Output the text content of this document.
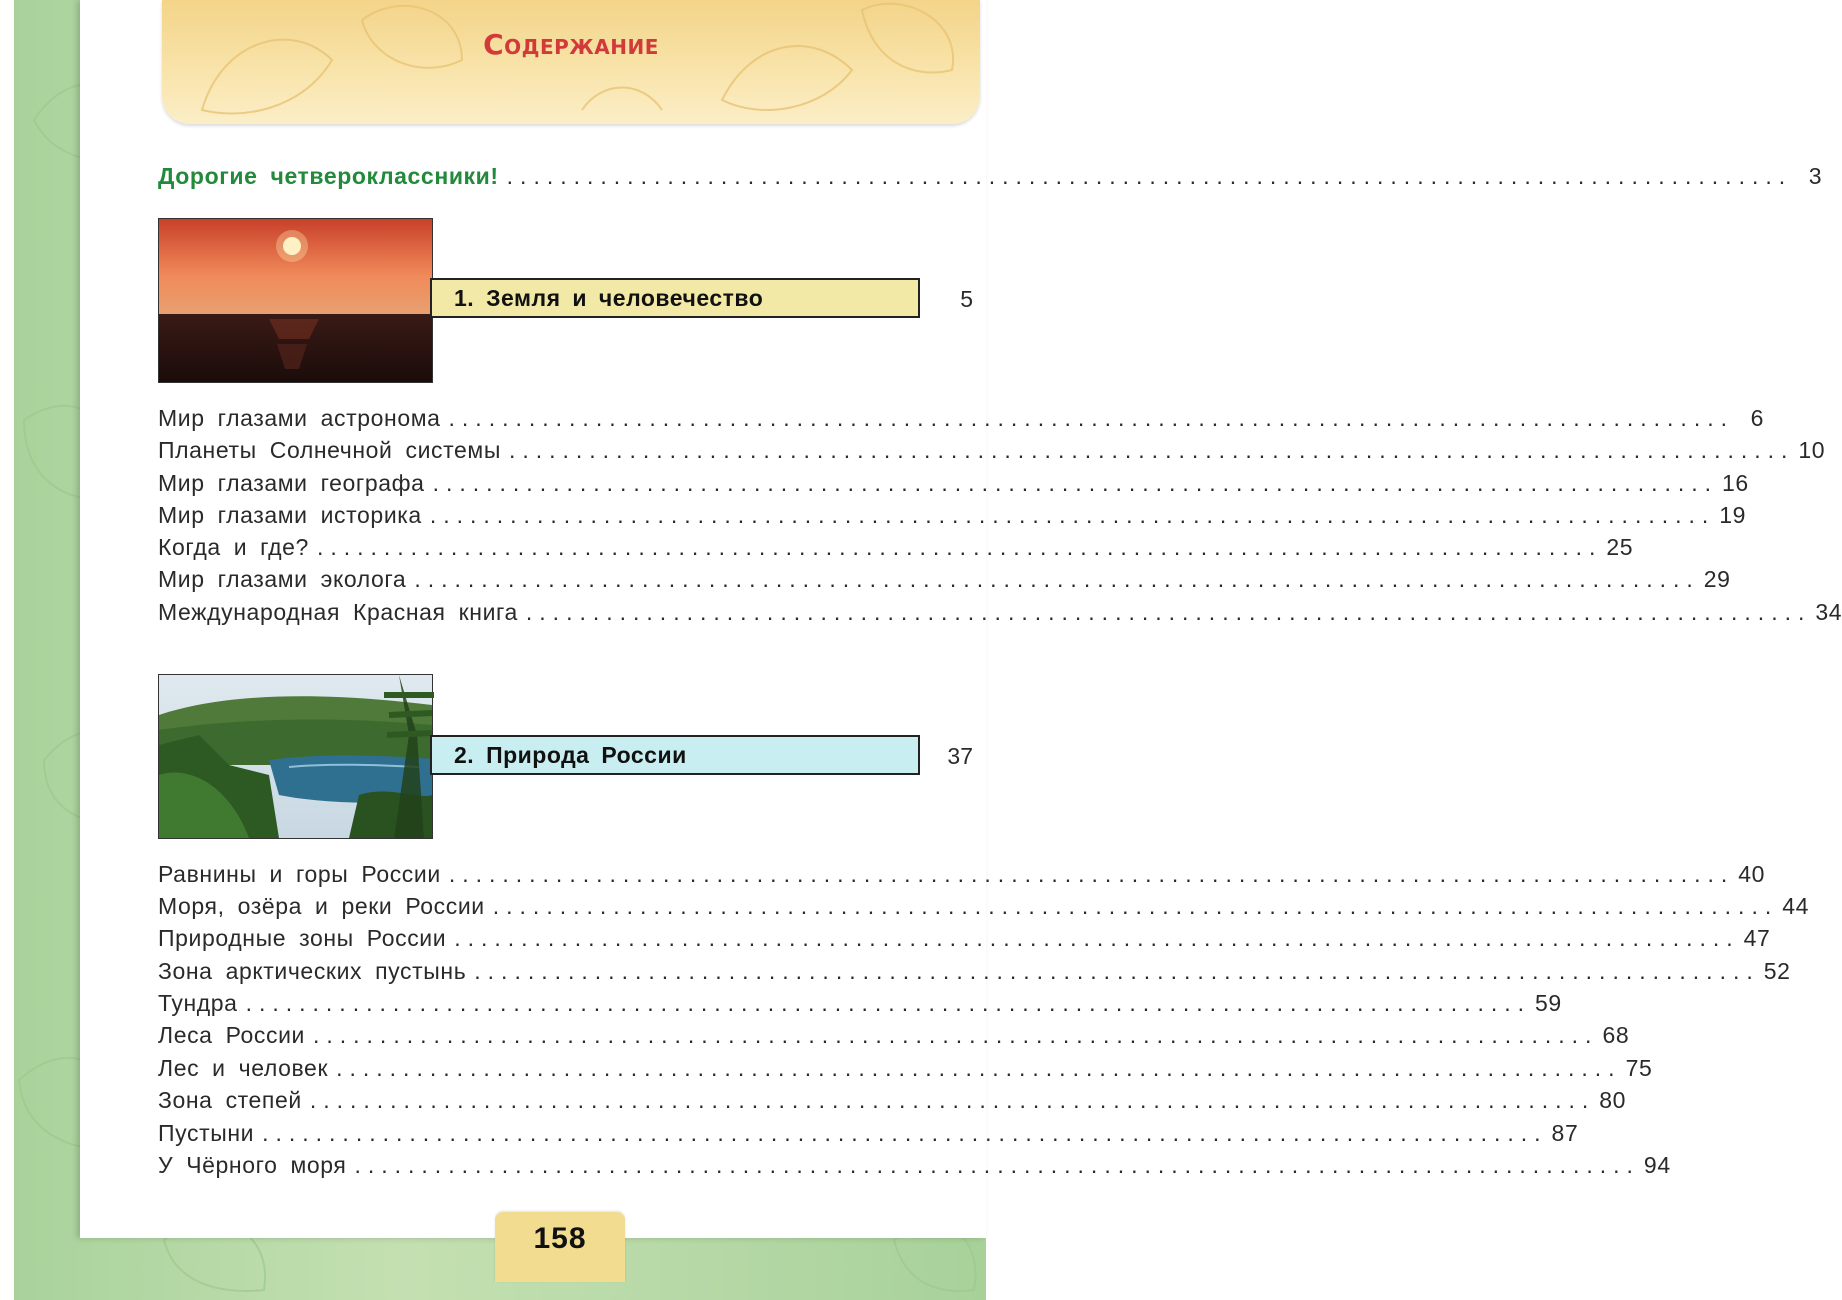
Содержание
Дорогие четвероклассники! ................................................................................................ 3
1. Земля и человечество	5
Мир глазами астронома ................................................................................................ 6
Планеты Солнечной системы ................................................................................................ 10
Мир глазами географа ................................................................................................ 16
Мир глазами историка ................................................................................................ 19
Когда и где? ................................................................................................ 25
Мир глазами эколога ................................................................................................ 29
Международная Красная книга ................................................................................................ 34
2. Природа России	37
Равнины и горы России ................................................................................................ 40
Моря, озёра и реки России ................................................................................................ 44
Природные зоны России ................................................................................................ 47
Зона арктических пустынь ................................................................................................ 52
Тундра ................................................................................................ 59
Леса России ................................................................................................ 68
Лес и человек ................................................................................................ 75
Зона степей ................................................................................................ 80
Пустыни ................................................................................................ 87
У Чёрного моря ................................................................................................ 94
158
